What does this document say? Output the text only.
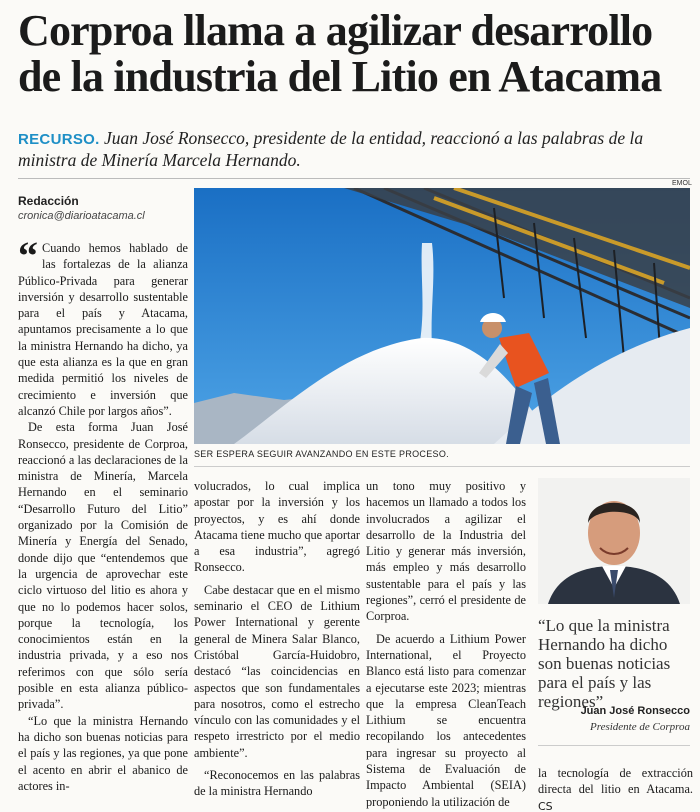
Corproa llama a agilizar desarrollo
de la industria del Litio en Atacama
RECURSO. Juan José Ronsecco, presidente de la entidad, reaccionó a las palabras de la ministra de Minería Marcela Hernando.
Redacción
cronica@diarioatacama.cl
EMOL
SER ESPERA SEGUIR AVANZANDO EN ESTE PROCESO.
“ Cuando hemos hablado de las fortalezas de la alianza Público-Privada para generar inversión y desarrollo sustentable para el país y Atacama, apuntamos precisamente a lo que la ministra Hernando ha dicho, ya que esta alianza es la que en gran medida permitió los niveles de crecimiento e inversión que alcanzó Chile por largos años”.

De esta forma Juan José Ronsecco, presidente de Corproa, reaccionó a las declaraciones de la ministra de Minería, Marcela Hernando en el seminario “Desarrollo Futuro del Litio” organizado por la Comisión de Minería y Energía del Senado, donde dijo que “entendemos que la urgencia de aprovechar este ciclo virtuoso del litio es ahora y que no lo podemos hacer solos, porque la tecnología, los conocimientos están en la industria privada, y a eso nos referimos con que sólo sería posible en esta alianza público-privada”.

“Lo que la ministra Hernando ha dicho son buenas noticias para el país y las regiones, ya que pone el acento en abrir el abanico de actores in-

volucrados, lo cual implica apostar por la inversión y los proyectos, y es ahí donde Atacama tiene mucho que aportar a esa industria”, agregó Ronsecco.

Cabe destacar que en el mismo seminario el CEO de Lithium Power International y gerente general de Minera Salar Blanco, Cristóbal García-Huidobro, destacó “las coincidencias en aspectos que son fundamentales para nosotros, como el estrecho vínculo con las comunidades y el respeto irrestricto por el medio ambiente”.

“Reconocemos en las palabras de la ministra Hernando

un tono muy positivo y hacemos un llamado a todos los involucrados a agilizar el desarrollo de la Industria del Litio y generar más inversión, más empleo y más desarrollo sustentable para el país y las regiones”, cerró el presidente de Corproa.

De acuerdo a Lithium Power International, el Proyecto Blanco está listo para comenzar a ejecutarse este 2023; mientras que la empresa CleanTeach Lithium se encuentra recopilando los antecedentes para ingresar su proyecto al Sistema de Evaluación de Impacto Ambiental (SEIA) proponiendo la utilización de

“Lo que la ministra Hernando ha dicho son buenas noticias para el país y las regiones”
Juan José Ronsecco
Presidente de Corproa
la tecnología de extracción directa del litio en Atacama. CS
